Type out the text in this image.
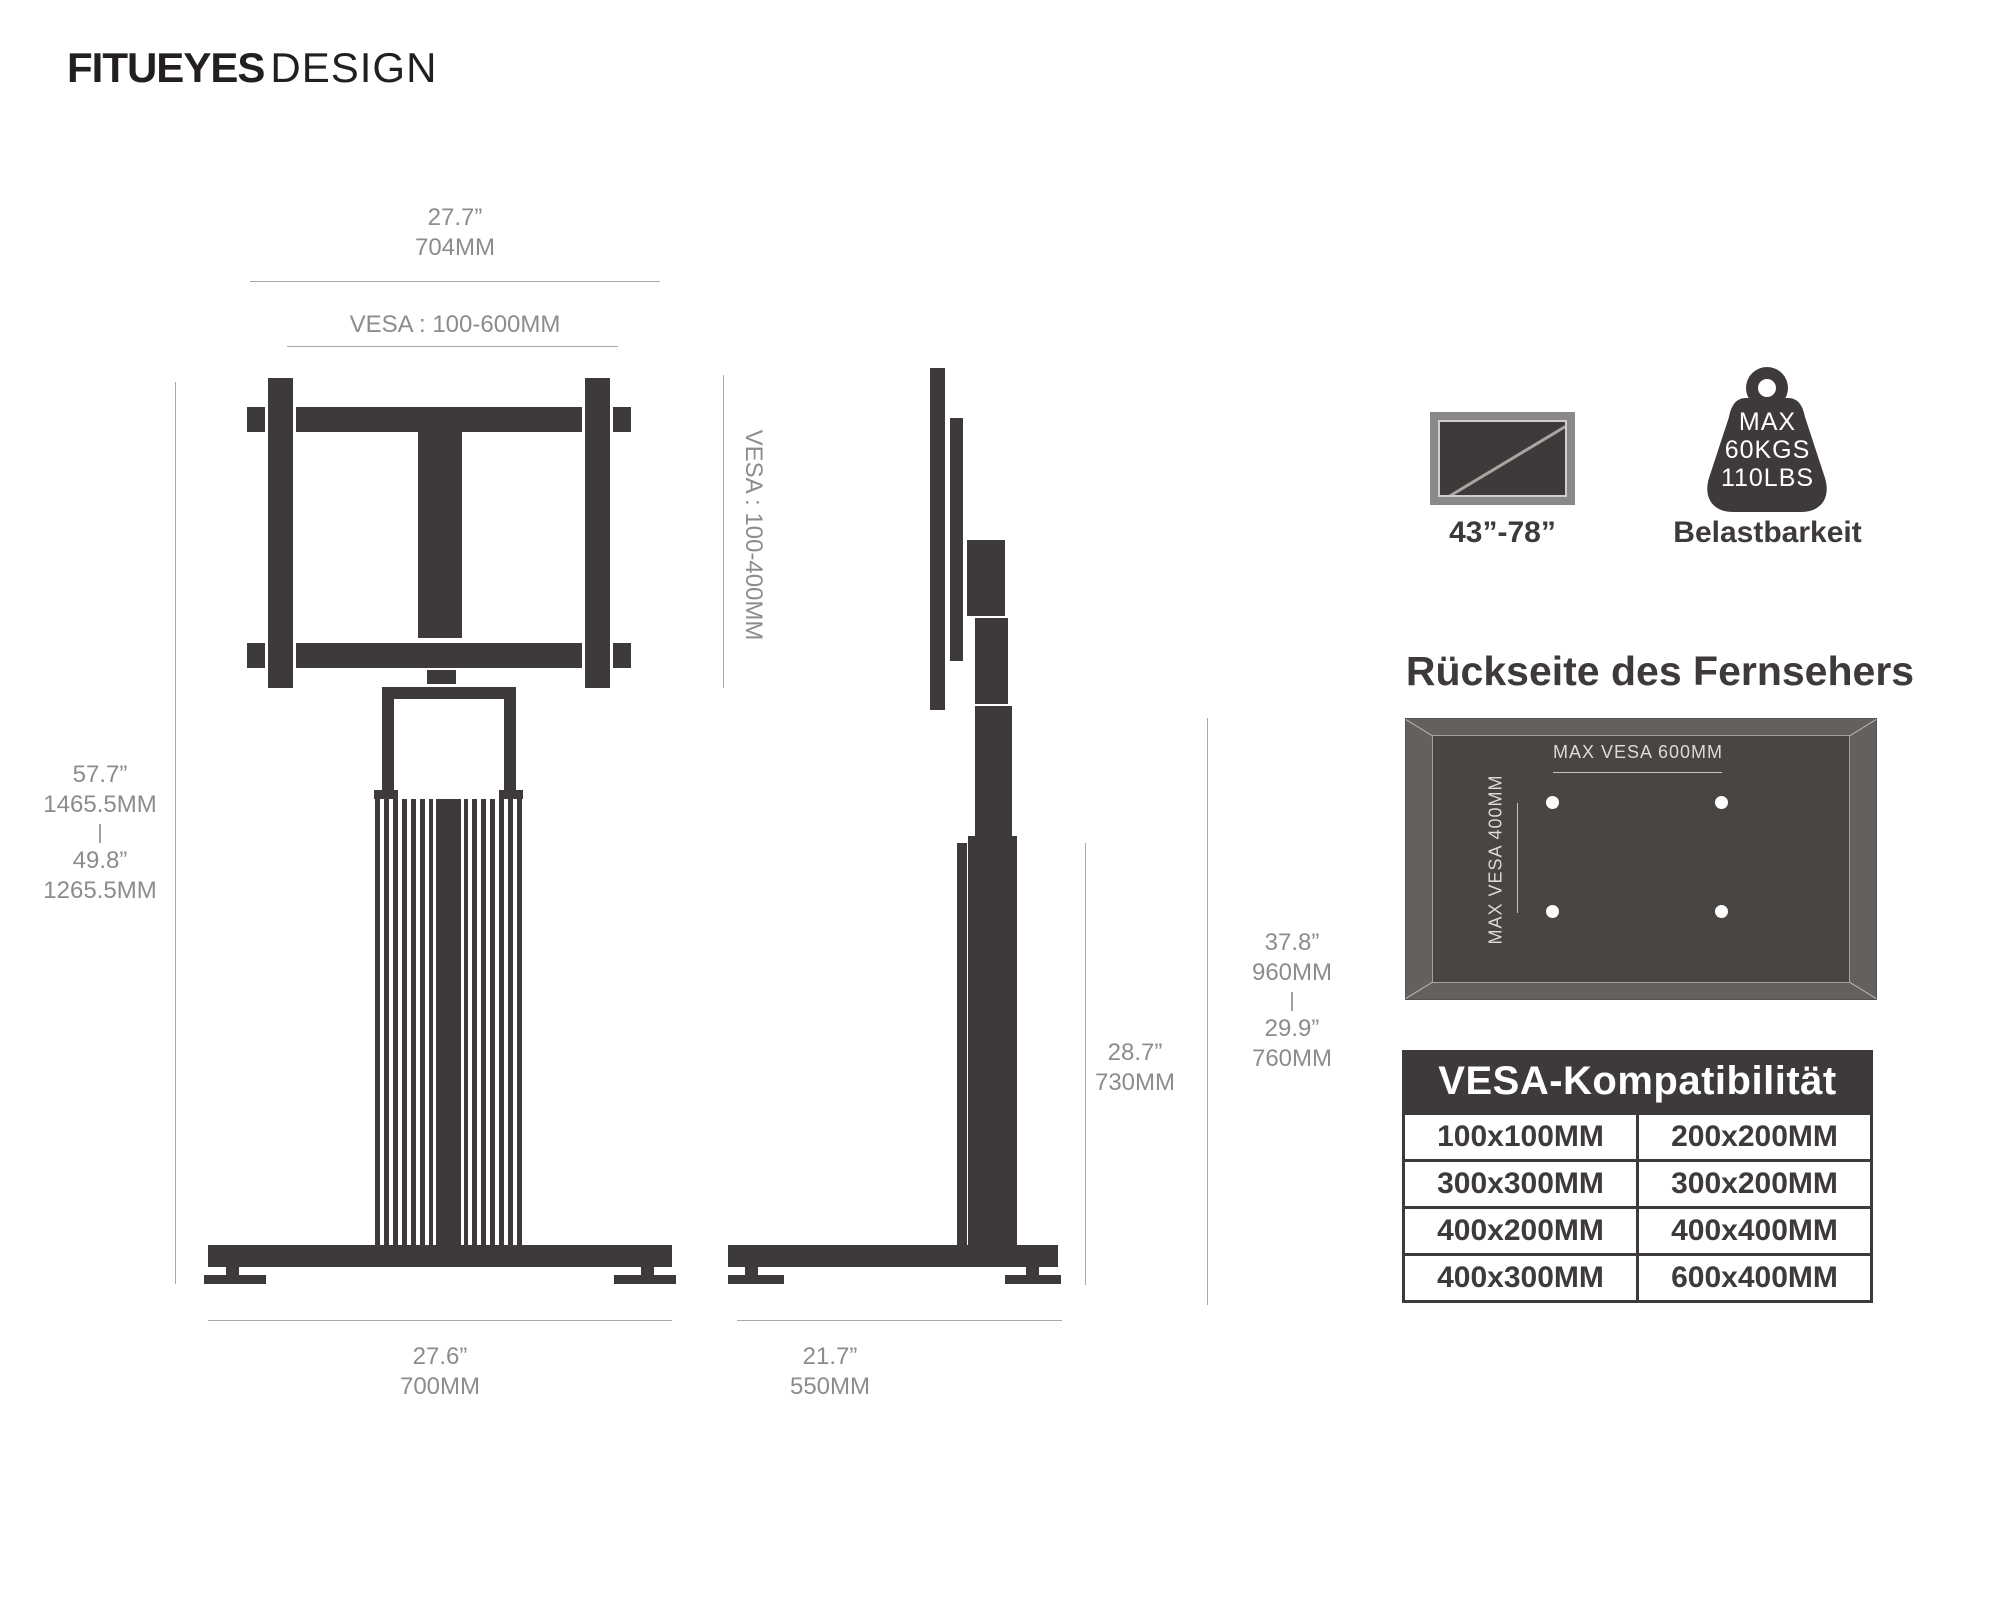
FITUEYES DESIGN
27.7”
704MM
VESA : 100-600MM
57.7”
1465.5MM
|
49.8”
1265.5MM
VESA : 100-400MM
27.6”
700MM
28.7”
730MM
37.8”
960MM
|
29.9”
760MM
21.7”
550MM
43”-78”
MAX
60KGS
110LBS
Belastbarkeit
Rückseite des Fernsehers
MAX VESA 600MM
MAX VESA 400MM
VESA-Kompatibilität
100x100MM	200x200MM
300x300MM	300x200MM
400x200MM	400x400MM
400x300MM	600x400MM
